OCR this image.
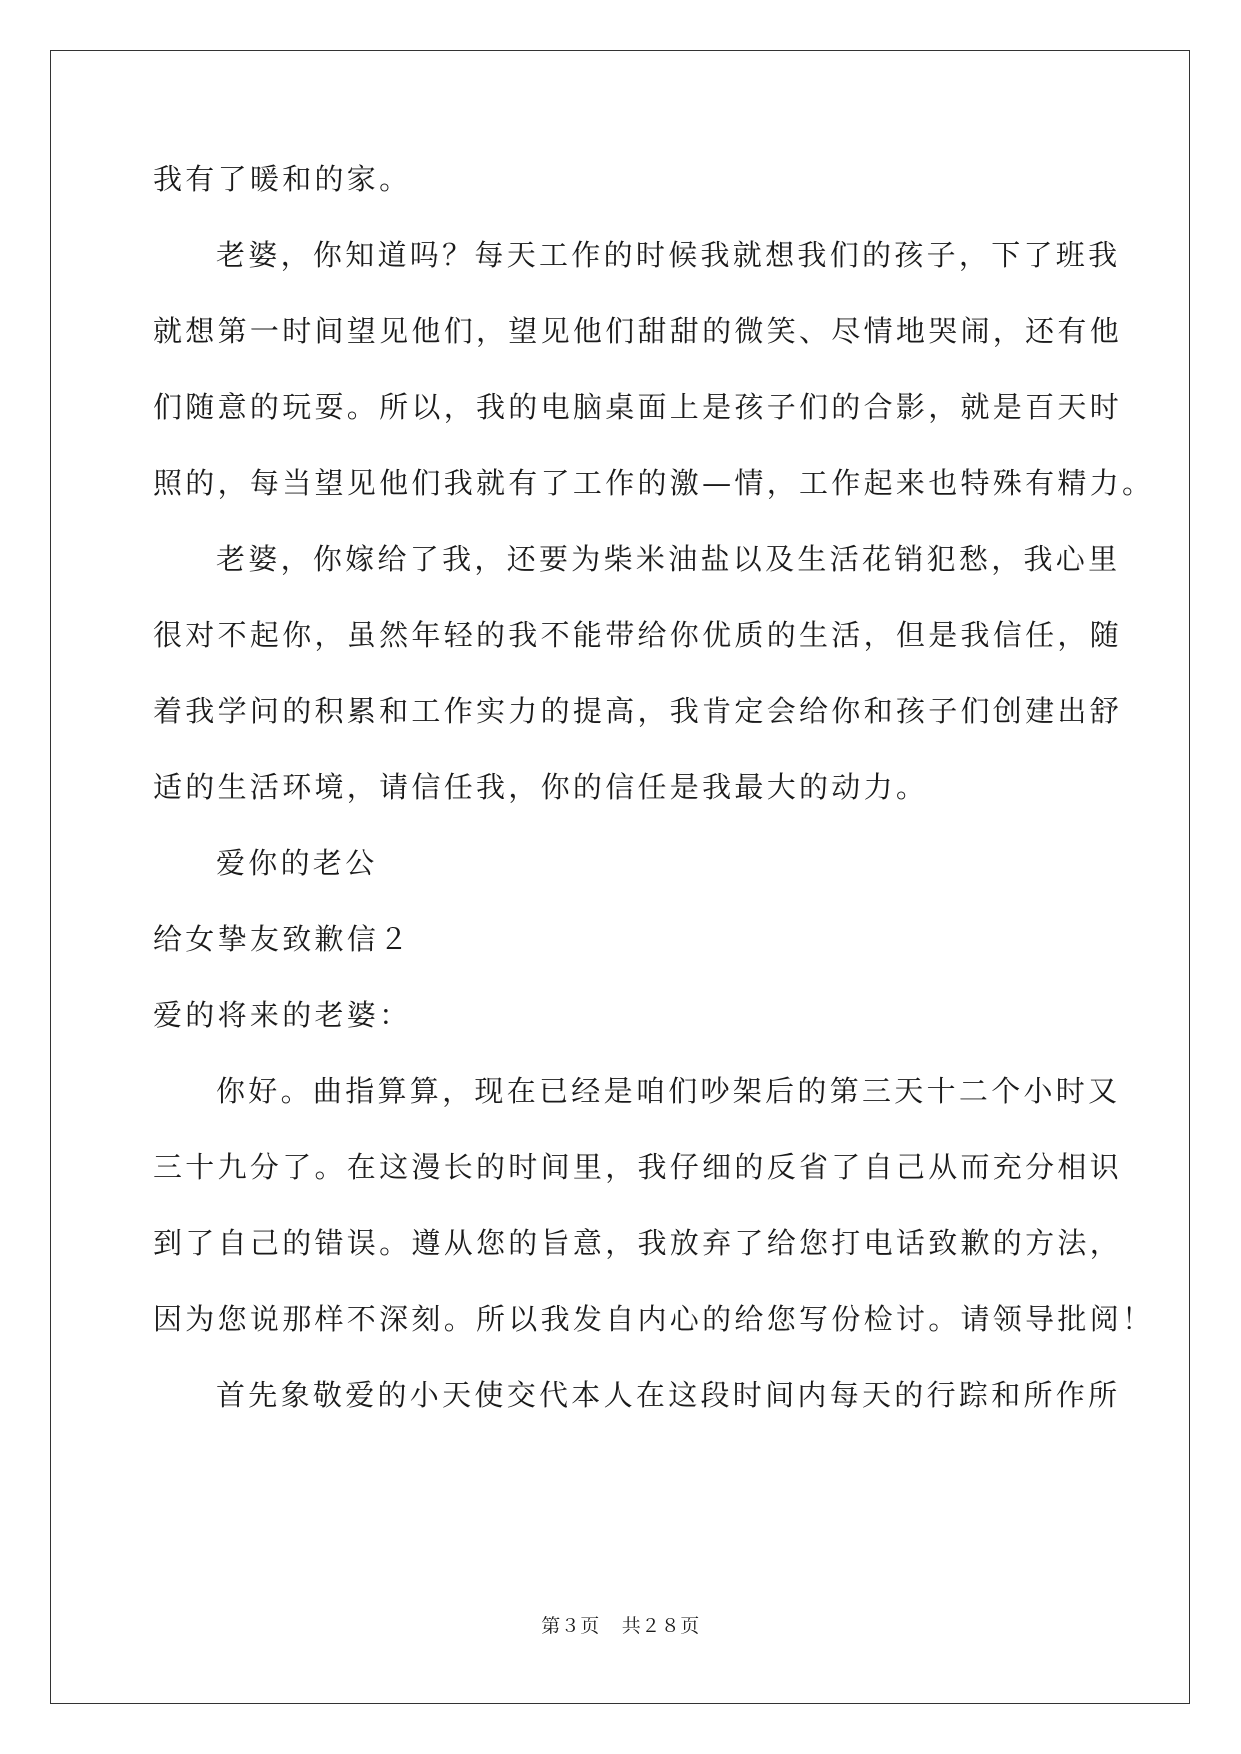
我有了暖和的家。
老婆，你知道吗？每天工作的时候我就想我们的孩子，下了班我
就想第一时间望见他们，望见他们甜甜的微笑、尽情地哭闹，还有他
们随意的玩耍。所以，我的电脑桌面上是孩子们的合影，就是百天时
照的，每当望见他们我就有了工作的激—情，工作起来也特殊有精力。
老婆，你嫁给了我，还要为柴米油盐以及生活花销犯愁，我心里
很对不起你，虽然年轻的我不能带给你优质的生活，但是我信任，随
着我学问的积累和工作实力的提高，我肯定会给你和孩子们创建出舒
适的生活环境，请信任我，你的信任是我最大的动力。
爱你的老公
给女挚友致歉信２
爱的将来的老婆：
你好。曲指算算，现在已经是咱们吵架后的第三天十二个小时又
三十九分了。在这漫长的时间里，我仔细的反省了自己从而充分相识
到了自己的错误。遵从您的旨意，我放弃了给您打电话致歉的方法，
因为您说那样不深刻。所以我发自内心的给您写份检讨。请领导批阅！
首先象敬爱的小天使交代本人在这段时间内每天的行踪和所作所
第３页 共２８页
